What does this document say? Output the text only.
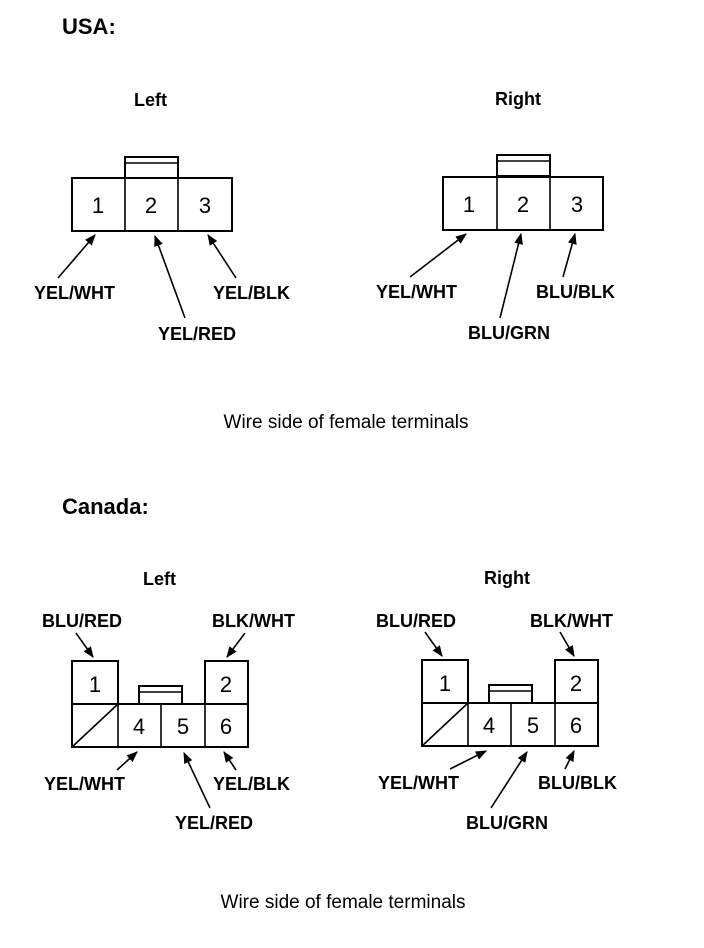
USA:
Left
1 2 3
YEL/WHT
YEL/RED
YEL/BLK
Right
1 2 3
YEL/WHT
BLU/GRN
BLU/BLK
Wire side of female terminals
Canada:
Left
1	2
4 5 6
BLU/RED	BLK/WHT
YEL/WHT
YEL/RED
YEL/BLK
Right
1	2
4 5 6
BLU/RED	BLK/WHT
YEL/WHT
BLU/GRN
BLU/BLK
Wire side of female terminals
